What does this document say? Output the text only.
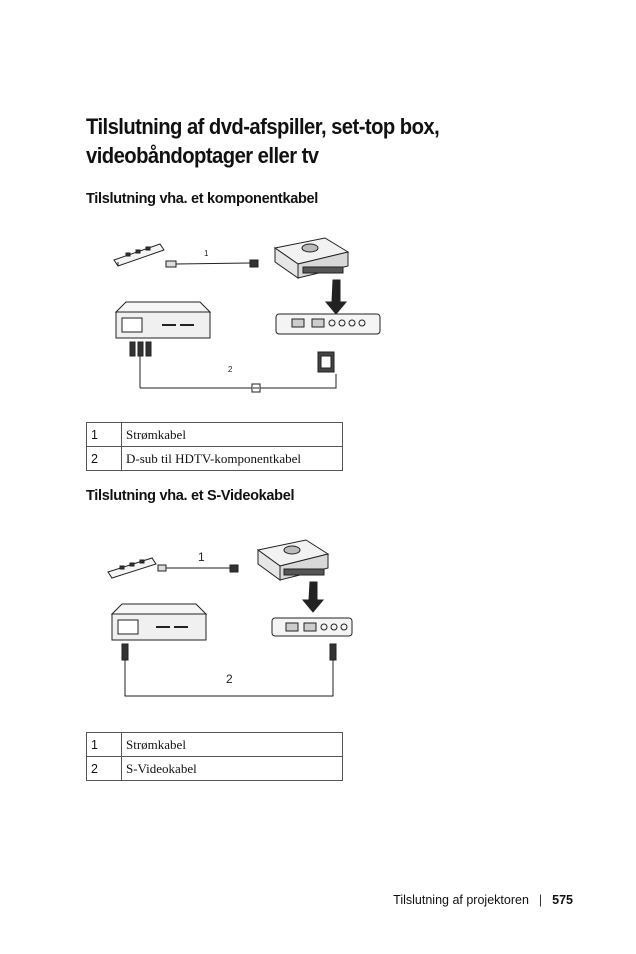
Tilslutning af dvd-afspiller, set-top box,
videobåndoptager eller tv
Tilslutning vha. et komponentkabel
1
2
1	Strømkabel
2	D-sub til HDTV-komponentkabel
Tilslutning vha. et S-Videokabel
1
2
1	Strømkabel
2	S-Videokabel
Tilslutning af projektoren | 575
